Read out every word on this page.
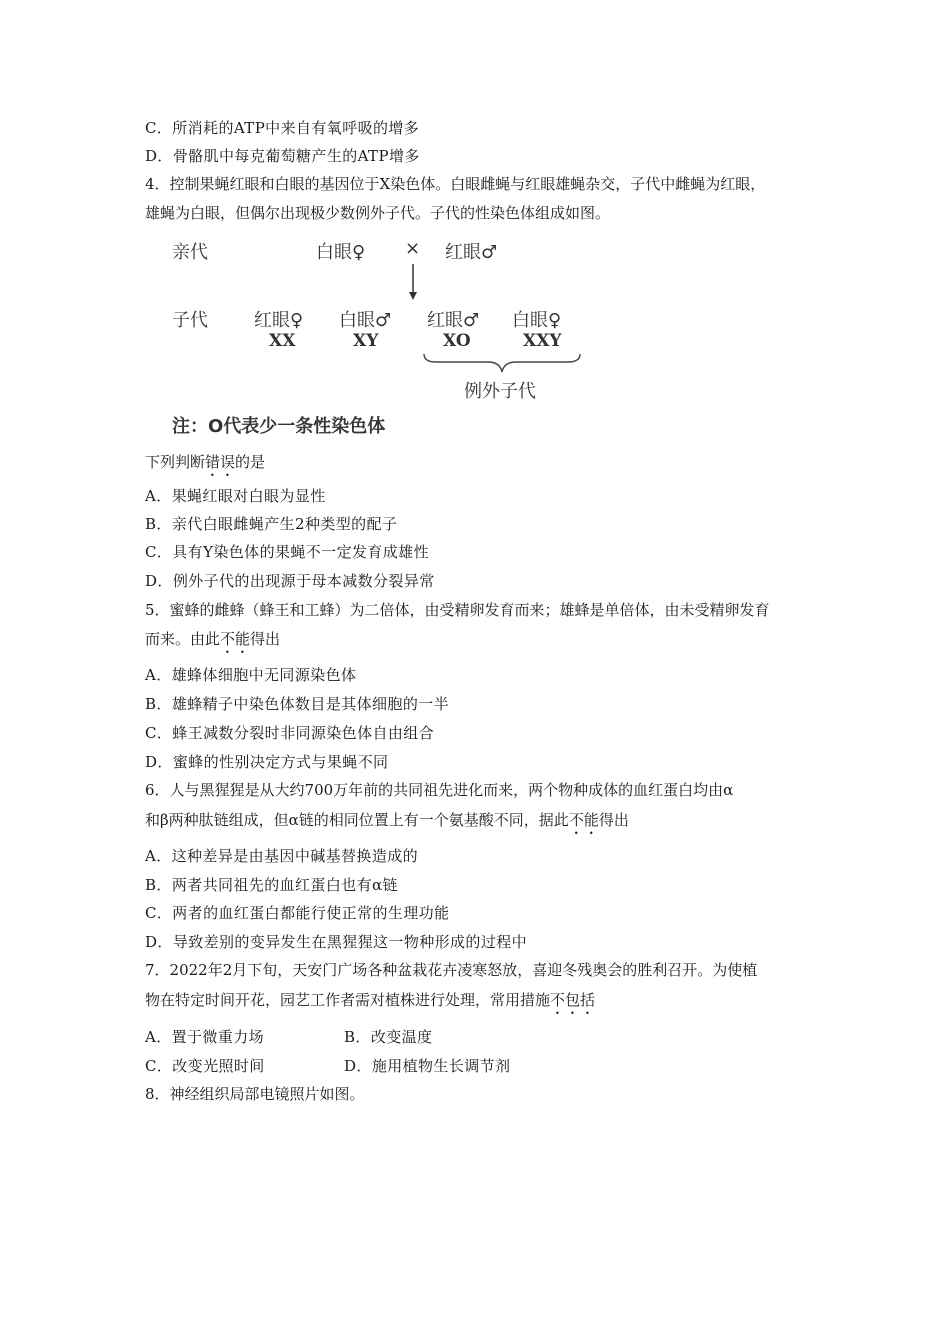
C．所消耗的ATP中来自有氧呼吸的增多
D．骨骼肌中每克葡萄糖产生的ATP增多
4．控制果蝇红眼和白眼的基因位于X染色体。白眼雌蝇与红眼雄蝇杂交，子代中雌蝇为红眼，
雄蝇为白眼，但偶尔出现极少数例外子代。子代的性染色体组成如图。
亲代	白眼♀ × 红眼♂
子代	红眼♀ 白眼♂ 红眼♂ 白眼♀
XX	XY	XO	XXY
例外子代
注：O代表少一条性染色体
下列判断错误的是
A．果蝇红眼对白眼为显性
B．亲代白眼雌蝇产生2种类型的配子
C．具有Y染色体的果蝇不一定发育成雄性
D．例外子代的出现源于母本减数分裂异常
5．蜜蜂的雌蜂（蜂王和工蜂）为二倍体，由受精卵发育而来；雄蜂是单倍体，由未受精卵发育
而来。由此不能得出
A．雄蜂体细胞中无同源染色体
B．雄蜂精子中染色体数目是其体细胞的一半
C．蜂王减数分裂时非同源染色体自由组合
D．蜜蜂的性别决定方式与果蝇不同
6．人与黑猩猩是从大约700万年前的共同祖先进化而来，两个物种成体的血红蛋白均由α
和β两种肽链组成，但α链的相同位置上有一个氨基酸不同，据此不能得出
A．这种差异是由基因中碱基替换造成的
B．两者共同祖先的血红蛋白也有α链
C．两者的血红蛋白都能行使正常的生理功能
D．导致差别的变异发生在黑猩猩这一物种形成的过程中
7．2022年2月下旬，天安门广场各种盆栽花卉凌寒怒放，喜迎冬残奥会的胜利召开。为使植
物在特定时间开花，园艺工作者需对植株进行处理，常用措施不包括
A．置于微重力场	B．改变温度
C．改变光照时间	D．施用植物生长调节剂
8．神经组织局部电镜照片如图。
